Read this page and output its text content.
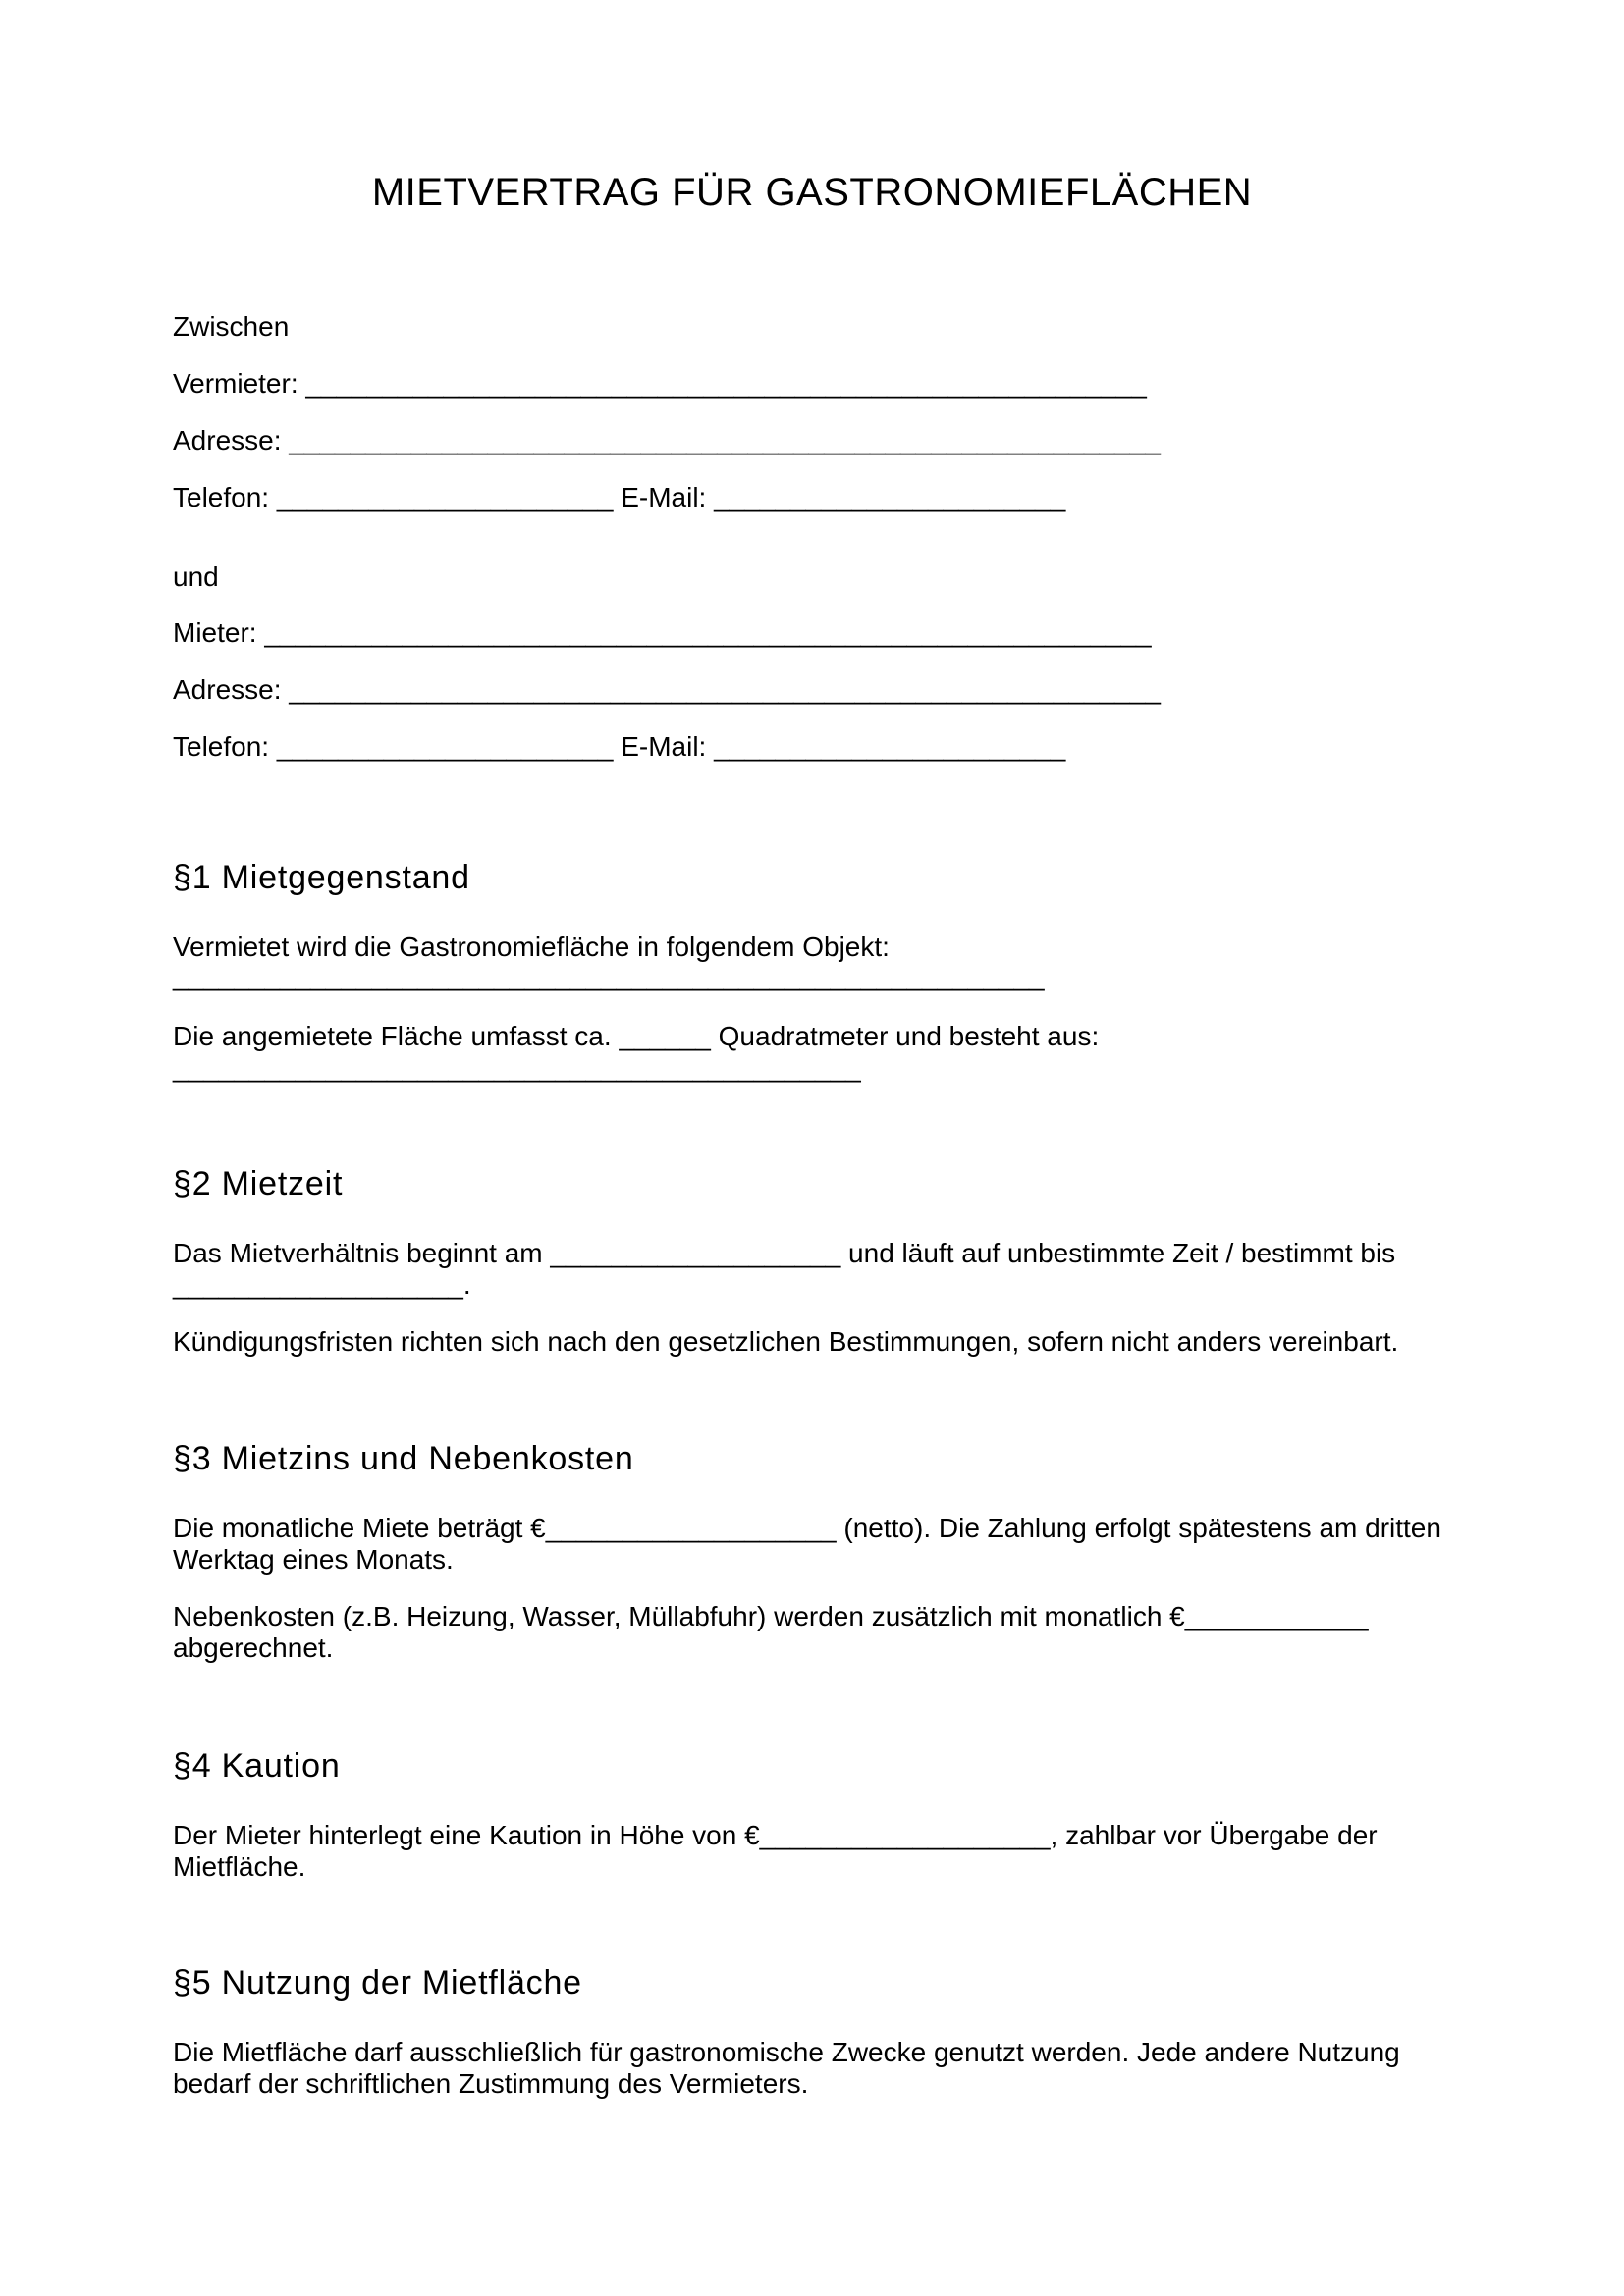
MIETVERTRAG FÜR GASTRONOMIEFLÄCHEN
Zwischen
Vermieter: _______________________________________________________
Adresse: _________________________________________________________
Telefon: ______________________ E-Mail: _______________________
und
Mieter: __________________________________________________________
Adresse: _________________________________________________________
Telefon: ______________________ E-Mail: _______________________
§1 Mietgegenstand
Vermietet wird die Gastronomiefläche in folgendem Objekt:
_________________________________________________________
Die angemietete Fläche umfasst ca. ______ Quadratmeter und besteht aus:
_____________________________________________
§2 Mietzeit
Das Mietverhältnis beginnt am ___________________ und läuft auf unbestimmte Zeit / bestimmt bis
___________________.
Kündigungsfristen richten sich nach den gesetzlichen Bestimmungen, sofern nicht anders vereinbart.
§3 Mietzins und Nebenkosten
Die monatliche Miete beträgt €___________________ (netto). Die Zahlung erfolgt spätestens am dritten
Werktag eines Monats.
Nebenkosten (z.B. Heizung, Wasser, Müllabfuhr) werden zusätzlich mit monatlich €____________
abgerechnet.
§4 Kaution
Der Mieter hinterlegt eine Kaution in Höhe von €___________________, zahlbar vor Übergabe der
Mietfläche.
§5 Nutzung der Mietfläche
Die Mietfläche darf ausschließlich für gastronomische Zwecke genutzt werden. Jede andere Nutzung
bedarf der schriftlichen Zustimmung des Vermieters.
